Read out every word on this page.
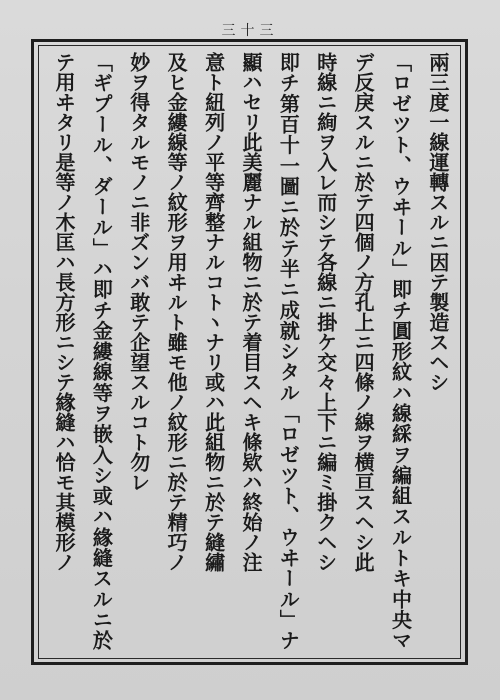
三十三
兩三度一線運轉スルニ因テ製造スヘシ
「ロゼツト、ウヰール」即チ圓形紋ハ線綵ヲ編組スルトキ中央マ
デ反戾スルニ於テ四個ノ方孔上ニ四條ノ線ヲ横亘スヘシ此
時線ニ絢ヲ入レ而シテ各線ニ掛ケ交々上下ニ編ミ掛クヘシ
即チ第百十一圖ニ於テ半ニ成就シタル「ロゼツト、ウヰール」ナ
顯ハセリ此美麗ナル組物ニ於テ着目スヘキ條欵ハ終始ノ注
意ト紐列ノ平等齊整ナルコトヽナリ或ハ此組物ニ於テ縫繡
及ヒ金縷線等ノ紋形ヲ用ヰルト雖モ他ノ紋形ニ於テ精巧ノ
妙ヲ得タルモノニ非ズンバ敢テ企望スルコト勿レ
「ギプール、ダール」ハ即チ金縷線等ヲ嵌入シ或ハ緣縫スルニ於
テ用ヰタリ是等ノ木匡ハ長方形ニシテ緣縫ハ恰モ其模形ノ
